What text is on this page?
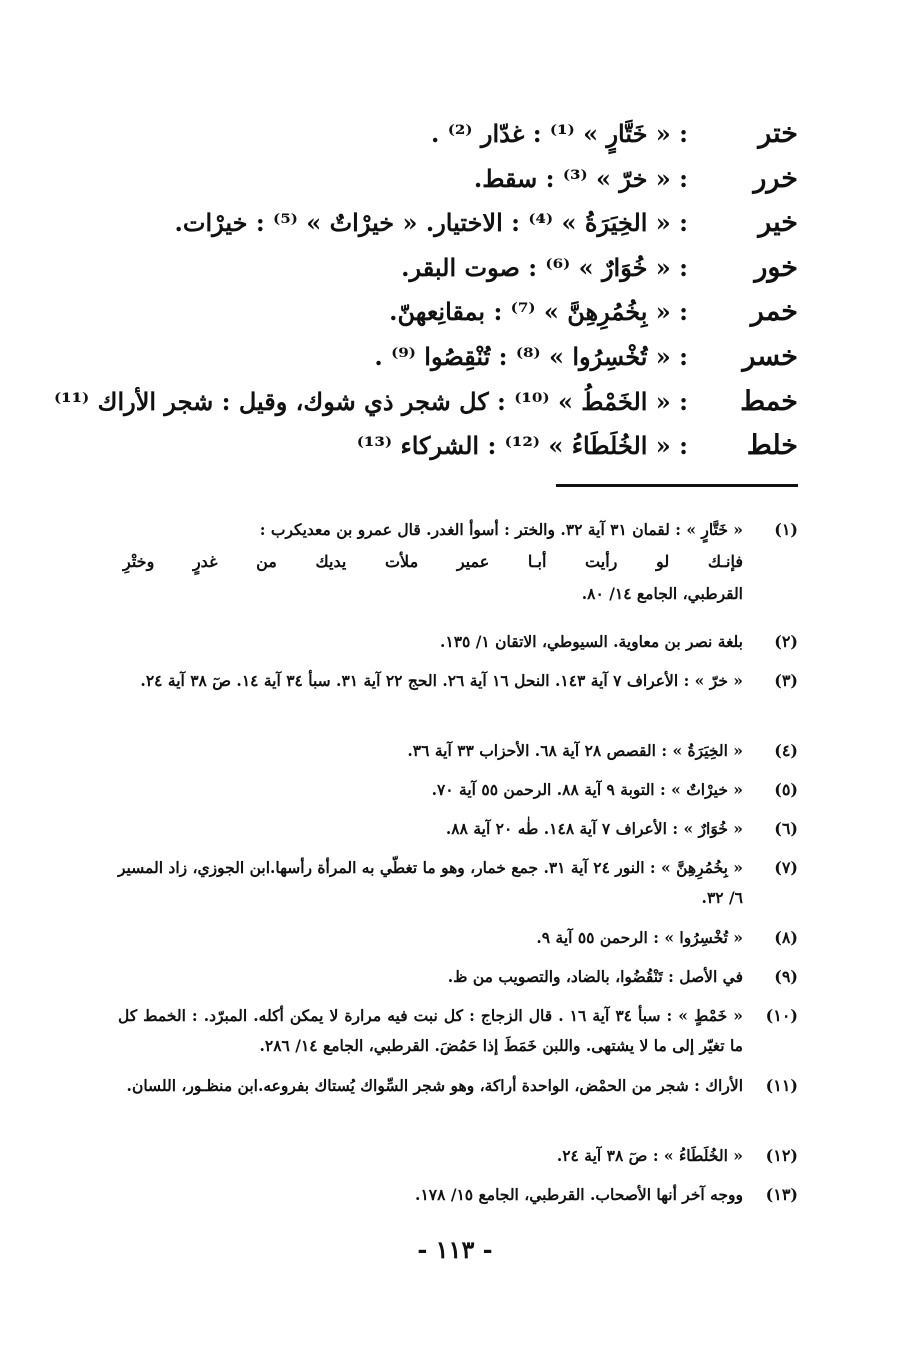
ختر
: « خَتَّارٍ » ⁽¹⁾ : غدّار ⁽²⁾ .
خرر
: « خرّ » ⁽³⁾ : سقط.
خير
: « الخِيَرَةُ » ⁽⁴⁾ : الاختيار. « خيرْاتٌ » ⁽⁵⁾ : خيرْات.
خور
: « خُوَارٌ » ⁽⁶⁾ : صوت البقر.
خمر
: « بِخُمُرِهِنَّ » ⁽⁷⁾ : بمقانِعهنّ.
خسر
: « تُخْسِرُوا » ⁽⁸⁾ : تُنْقِصُوا ⁽⁹⁾ .
خمط
: « الخَمْطُ » ⁽¹⁰⁾ : كل شجر ذي شوك، وقيل : شجر الأراك ⁽¹¹⁾
خلط
: « الخُلَطَاءُ » ⁽¹²⁾ : الشركاء ⁽¹³⁾
(١)
« خَتَّارٍ » : لقمان ٣١ آية ٣٢. والختر : أسوأ الغدر. قال عمرو بن معديكرب :
فإنـك
لو
رأيت
أبـا
عمير
ملأت
يديك
من
غدرٍ
وختْرِ
القرطبي، الجامع ١٤/ ٨٠.
(٢)
بلغة نصر بن معاوية. السيوطي، الاتقان ١/ ١٣٥.
(٣)
« خرّ » : الأعراف ٧ آية ١٤٣. النحل ١٦ آية ٢٦. الحج ٢٢ آية ٣١. سبأ ٣٤ آية ١٤. صٓ ٣٨ آية ٢٤.
(٤)
« الخِيَرَةُ » : القصص ٢٨ آية ٦٨. الأحزاب ٣٣ آية ٣٦.
(٥)
« خيرْاتٌ » : التوبة ٩ آية ٨٨. الرحمن ٥٥ آية ٧٠.
(٦)
« خُوَارٌ » : الأعراف ٧ آية ١٤٨. طٰه ٢٠ آية ٨٨.
(٧)
« بِخُمُرِهِنَّ » : النور ٢٤ آية ٣١. جمع خمار، وهو ما تغطّي به المرأة رأسها.ابن الجوزي، زاد المسير ٦/ ٣٢.
(٨)
« تُخْسِرُوا » : الرحمن ٥٥ آية ٩.
(٩)
في الأصل : تَنْقُضُوا، بالضاد، والتصويب من ظ.
(١٠)
« خَمْطٍ » : سبأ ٣٤ آية ١٦ . قال الزجاج : كل نبت فيه مرارة لا يمكن أكله. المبرّد. : الخمط كل ما تغيّر إلى ما لا يشتهى. واللبن خَمَطَ إذا حَمُضَ. القرطبي، الجامع ١٤/ ٢٨٦.
(١١)
الأراك : شجر من الحمْض، الواحدة أراكة، وهو شجر السِّواك يُستاك بفروعه.ابن منظـور، اللسان.
(١٢)
« الخُلَطَاءُ » : صٓ ٣٨ آية ٢٤.
(١٣)
ووجه آخر أنها الأصحاب. القرطبي، الجامع ١٥/ ١٧٨.
- ١١٣ -
